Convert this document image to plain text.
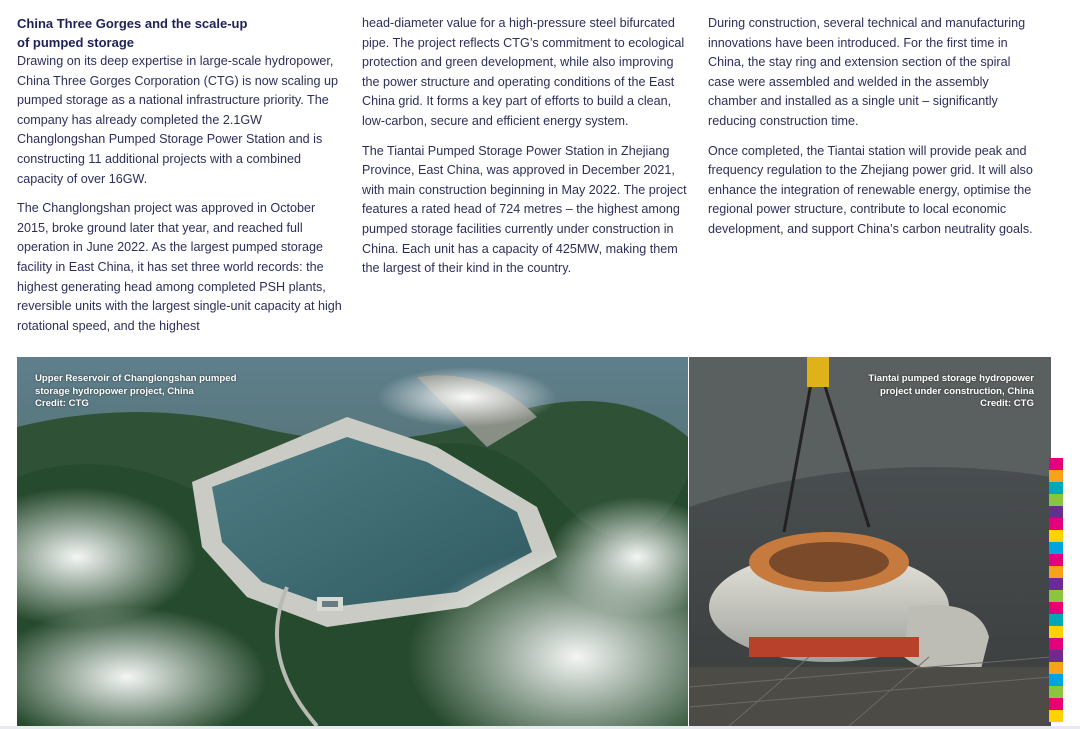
China Three Gorges and the scale-up
of pumped storage

Drawing on its deep expertise in large-scale hydropower, China Three Gorges Corporation (CTG) is now scaling up pumped storage as a national infrastructure priority. The company has already completed the 2.1GW Changlongshan Pumped Storage Power Station and is constructing 11 additional projects with a combined capacity of over 16GW.

The Changlongshan project was approved in October 2015, broke ground later that year, and reached full operation in June 2022. As the largest pumped storage facility in East China, it has set three world records: the highest generating head among completed PSH plants, reversible units with the largest single-unit capacity at high rotational speed, and the highest

head-diameter value for a high-pressure steel bifurcated pipe. The project reflects CTG’s commitment to ecological protection and green development, while also improving the power structure and operating conditions of the East China grid. It forms a key part of efforts to build a clean, low-carbon, secure and efficient energy system.

The Tiantai Pumped Storage Power Station in Zhejiang Province, East China, was approved in December 2021, with main construction beginning in May 2022. The project features a rated head of 724 metres – the highest among pumped storage facilities currently under construction in China. Each unit has a capacity of 425MW, making them the largest of their kind in the country.

During construction, several technical and manufacturing innovations have been introduced. For the first time in China, the stay ring and extension section of the spiral case were assembled and welded in the assembly chamber and installed as a single unit – significantly reducing construction time.

Once completed, the Tiantai station will provide peak and frequency regulation to the Zhejiang power grid. It will also enhance the integration of renewable energy, optimise the regional power structure, contribute to local economic development, and support China’s carbon neutrality goals.

Upper Reservoir of Changlongshan pumped
storage hydropower project, China
Credit: CTG
Tiantai pumped storage hydropower
project under construction, China
Credit: CTG
